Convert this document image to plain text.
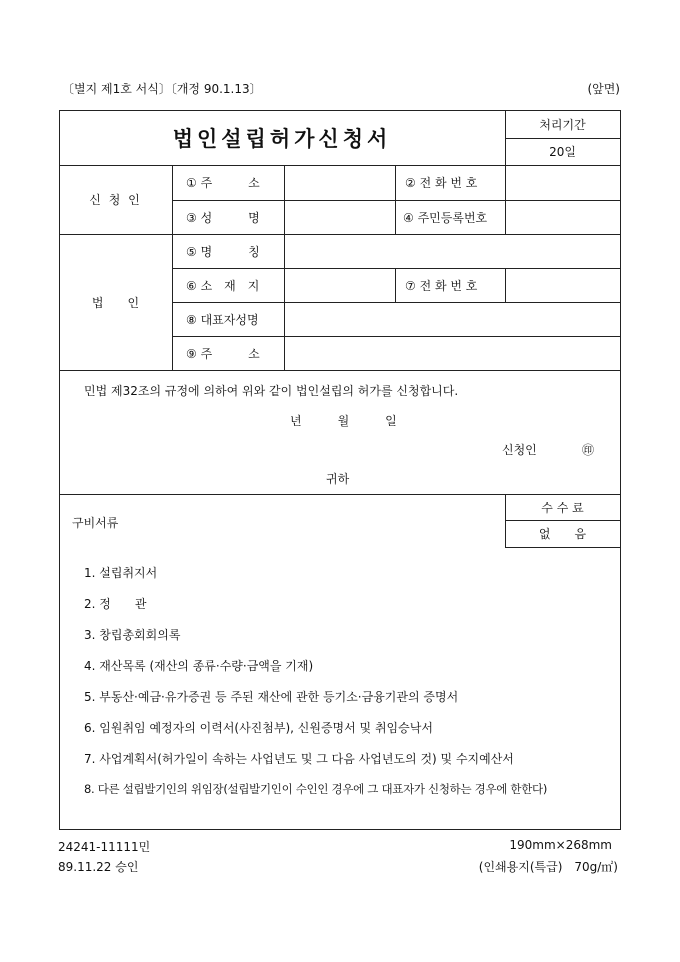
〔별지 제1호 서식〕〔개정 90.1.13〕	(앞면)
법인설립허가신청서
처리기간
20일
신 청 인
① 주　　　소	② 전 화 번 호
③ 성　　　명	④ 주민등록번호
법　　인
⑤ 명　　　칭
⑥ 소　재　지	⑦ 전 화 번 호
⑧ 대표자성명
⑨ 주　　　소
민법 제32조의 규정에 의하여 위와 같이 법인설립의 허가를 신청합니다.
년　　　월　　　일
신청인	㊞
귀하
구비서류
수 수 료
없　　음
1. 설립취지서
2. 정　　관
3. 창립총회회의록
4. 재산목록 (재산의 종류·수량·금액을 기재)
5. 부동산·예금·유가증권 등 주된 재산에 관한 등기소·금융기관의 증명서
6. 임원취임 예정자의 이력서(사진첨부), 신원증명서 및 취임승낙서
7. 사업계획서(허가일이 속하는 사업년도 및 그 다음 사업년도의 것) 및 수지예산서
8. 다른 설립발기인의 위임장(설립발기인이 수인인 경우에 그 대표자가 신청하는 경우에 한한다)
24241-11111민
89.11.22 승인
190mm×268mm
(인쇄용지(특급)　70g/㎡)
